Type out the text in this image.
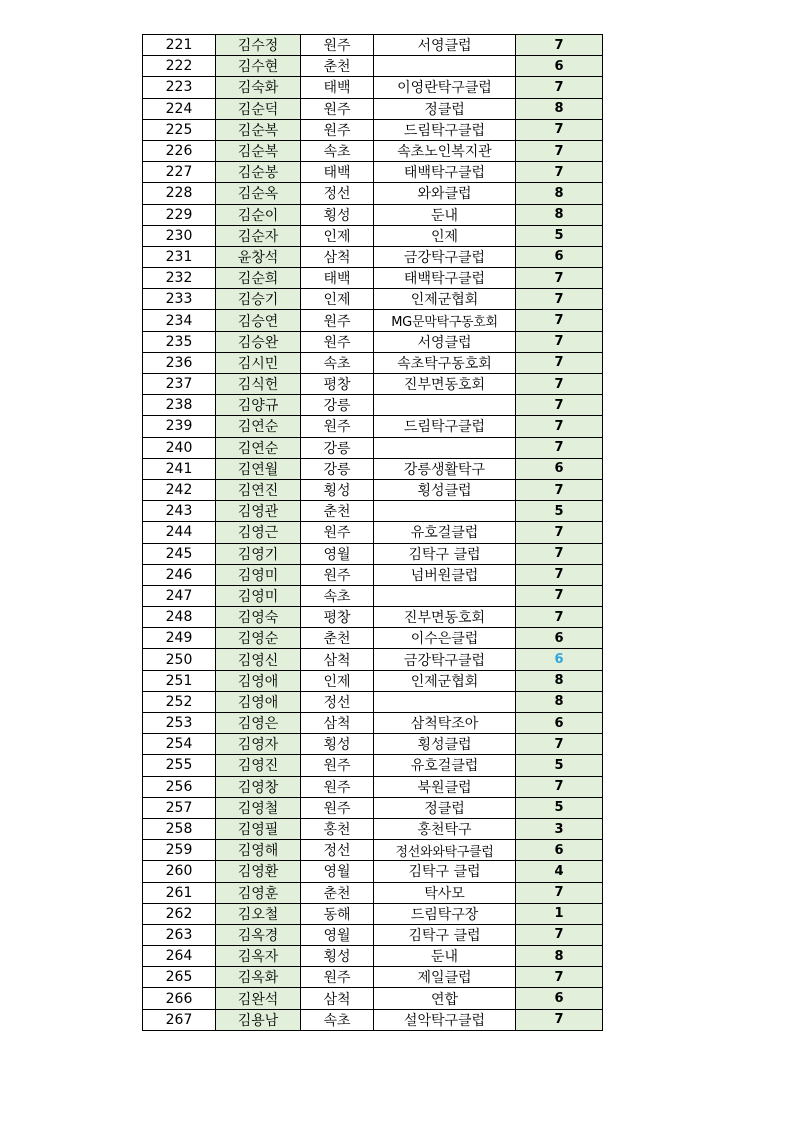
221	김수정	원주	서영클럽	7
222	김수현	춘천		6
223	김숙화	태백	이영란탁구클럽	7
224	김순덕	원주	정클럽	8
225	김순복	원주	드림탁구클럽	7
226	김순복	속초	속초노인복지관	7
227	김순봉	태백	태백탁구클럽	7
228	김순옥	정선	와와클럽	8
229	김순이	횡성	둔내	8
230	김순자	인제	인제	5
231	윤창석	삼척	금강탁구클럽	6
232	김순희	태백	태백탁구클럽	7
233	김승기	인제	인제군협회	7
234	김승연	원주	MG문막탁구동호회	7
235	김승완	원주	서영클럽	7
236	김시민	속초	속초탁구동호회	7
237	김식헌	평창	진부면동호회	7
238	김양규	강릉		7
239	김연순	원주	드림탁구클럽	7
240	김연순	강릉		7
241	김연월	강릉	강릉생활탁구	6
242	김연진	횡성	횡성클럽	7
243	김영관	춘천		5
244	김영근	원주	유호걸클럽	7
245	김영기	영월	김탁구 클럽	7
246	김영미	원주	넘버원클럽	7
247	김영미	속초		7
248	김영숙	평창	진부면동호회	7
249	김영순	춘천	이수은클럽	6
250	김영신	삼척	금강탁구클럽	6
251	김영애	인제	인제군협회	8
252	김영애	정선		8
253	김영은	삼척	삼척탁조아	6
254	김영자	횡성	횡성클럽	7
255	김영진	원주	유호걸클럽	5
256	김영창	원주	북원클럽	7
257	김영철	원주	정클럽	5
258	김영필	홍천	홍천탁구	3
259	김영해	정선	정선와와탁구클럽	6
260	김영환	영월	김탁구 클럽	4
261	김영훈	춘천	탁사모	7
262	김오철	동해	드림탁구장	1
263	김옥경	영월	김탁구 클럽	7
264	김옥자	횡성	둔내	8
265	김옥화	원주	제일클럽	7
266	김완석	삼척	연합	6
267	김용남	속초	설악탁구클럽	7
